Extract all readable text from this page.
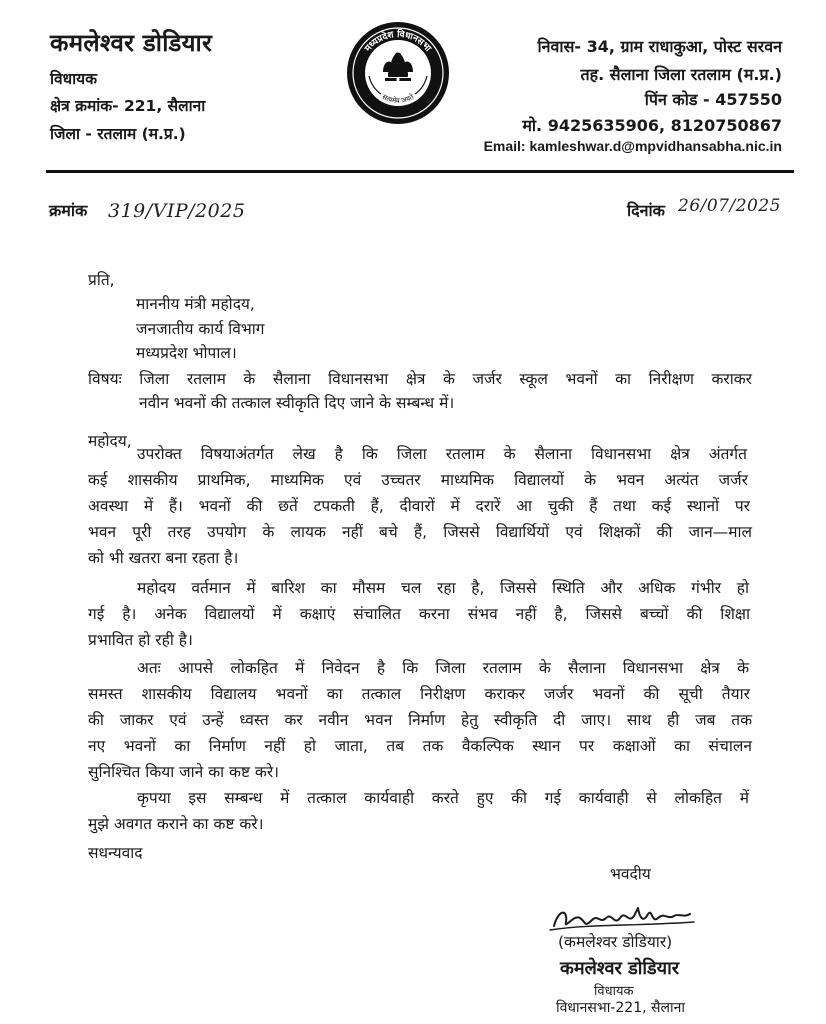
कमलेश्वर डोडियार
विधायक
क्षेत्र क्रमांक- 221, सैलाना
जिला - रतलाम (म.प्र.)
मध्यप्रदेश विधानसभा
सत्यमेव जयते
निवास- 34, ग्राम राधाकुआ, पोस्ट सरवन
तह. सैलाना जिला रतलाम (म.प्र.)
पिंन कोड - 457550
मो. 9425635906, 8120750867
Email: kamleshwar.d@mpvidhansabha.nic.in
क्रमांक 319/VIP/2025	दिनांक 26/07/2025
प्रति,
माननीय मंत्री महोदय,
जनजातीय कार्य विभाग
मध्यप्रदेश भोपाल।
विषयः जिला रतलाम के सैलाना विधानसभा क्षेत्र के जर्जर स्कूल भवनों का निरीक्षण कराकर
नवीन भवनों की तत्काल स्वीकृति दिए जाने के सम्बन्ध में।
महोदय,
उपरोक्त विषयाअंतर्गत लेख है कि जिला रतलाम के सैलाना विधानसभा क्षेत्र अंतर्गत
कई शासकीय प्राथमिक, माध्यमिक एवं उच्चतर माध्यमिक विद्यालयों के भवन अत्यंत जर्जर
अवस्था में हैं। भवनों की छतें टपकती हैं, दीवारों में दरारें आ चुकी हैं तथा कई स्थानों पर
भवन पूरी तरह उपयोग के लायक नहीं बचे हैं, जिससे विद्यार्थियों एवं शिक्षकों की जान—माल
को भी खतरा बना रहता है।
महोदय वर्तमान में बारिश का मौसम चल रहा है, जिससे स्थिति और अधिक गंभीर हो
गई है। अनेक विद्यालयों में कक्षाएं संचालित करना संभव नहीं है, जिससे बच्चों की शिक्षा
प्रभावित हो रही है।
अतः आपसे लोकहित में निवेदन है कि जिला रतलाम के सैलाना विधानसभा क्षेत्र के
समस्त शासकीय विद्यालय भवनों का तत्काल निरीक्षण कराकर जर्जर भवनों की सूची तैयार
की जाकर एवं उन्हें ध्वस्त कर नवीन भवन निर्माण हेतु स्वीकृति दी जाए। साथ ही जब तक
नए भवनों का निर्माण नहीं हो जाता, तब तक वैकल्पिक स्थान पर कक्षाओं का संचालन
सुनिश्चित किया जाने का कष्ट करे।
कृपया इस सम्बन्ध में तत्काल कार्यवाही करते हुए की गई कार्यवाही से लोकहित में
मुझे अवगत कराने का कष्ट करे।
सधन्यवाद
भवदीय
(कमलेश्वर डोडियार)
कमलेश्वर डोडियार
विधायक
विधानसभा-221, सैलाना
